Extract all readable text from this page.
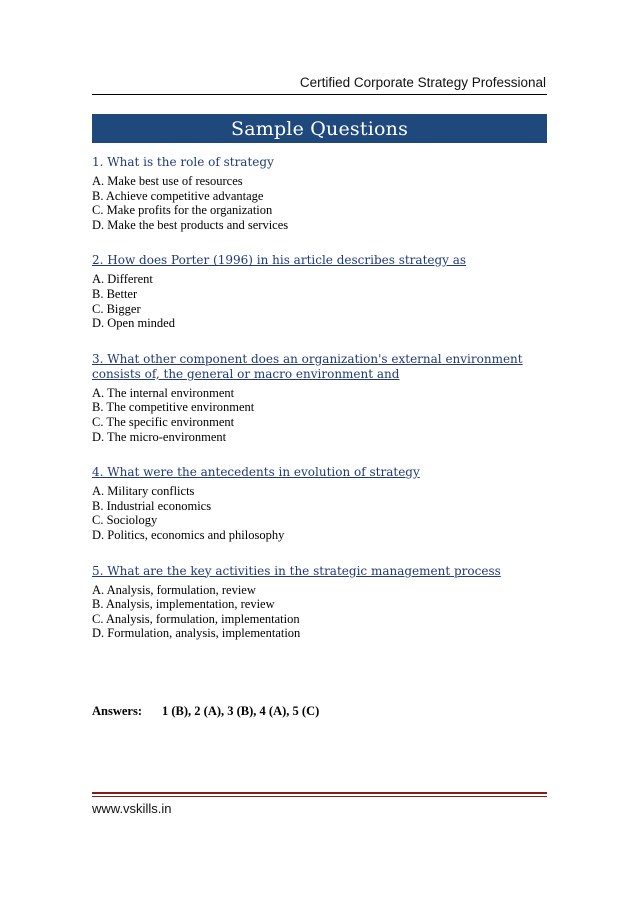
Certified Corporate Strategy Professional
Sample Questions

1. What is the role of strategy

A. Make best use of resources

B. Achieve competitive advantage

C. Make profits for the organization

D. Make the best products and services

2. How does Porter (1996) in his article describes strategy as

A. Different

B. Better

C. Bigger

D. Open minded

3. What other component does an organization's external environment consists of, the general or macro environment and

A. The internal environment

B. The competitive environment

C. The specific environment

D. The micro-environment

4. What were the antecedents in evolution of strategy

A. Military conflicts

B. Industrial economics

C. Sociology

D. Politics, economics and philosophy

5. What are the key activities in the strategic management process

A. Analysis, formulation, review

B. Analysis, implementation, review

C. Analysis, formulation, implementation

D. Formulation, analysis, implementation

Answers: 1 (B), 2 (A), 3 (B), 4 (A), 5 (C)
www.vskills.in
